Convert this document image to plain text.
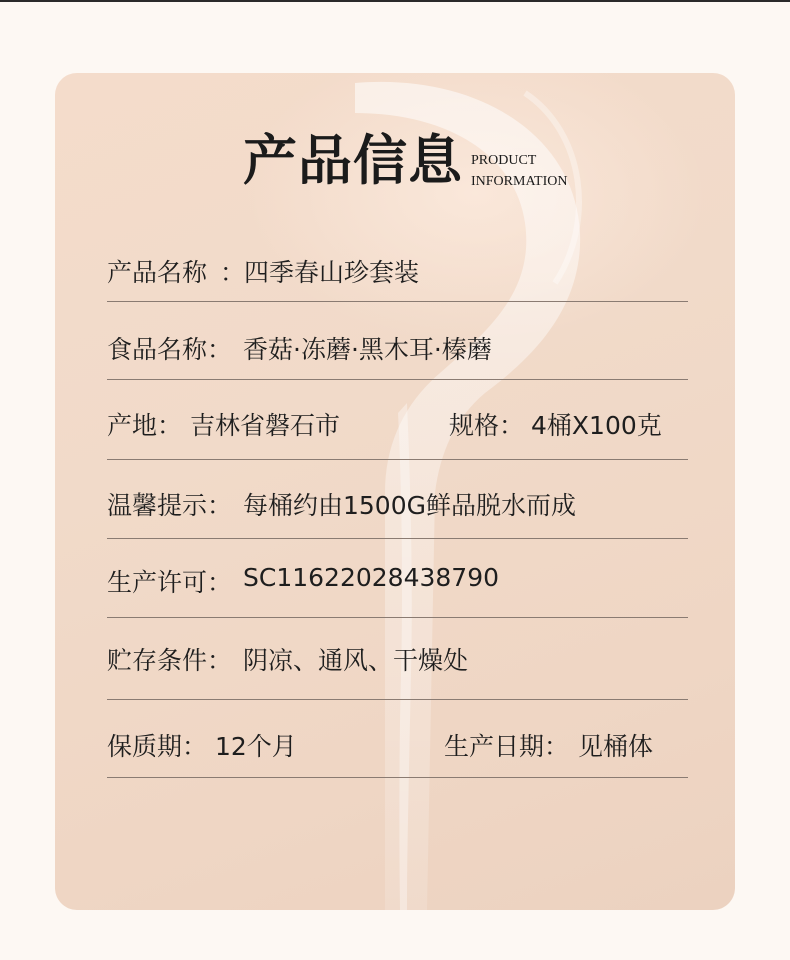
产品信息 PRODUCT
INFORMATION
产品名称 ：
四季春山珍套装
食品名称： 香菇·冻蘑·黑木耳·榛蘑
产地： 吉林省磐石市	规格： 4桶X100克
温馨提示： 每桶约由1500G鲜品脱水而成
生产许可： SC11622028438790
贮存条件： 阴凉、通风、干燥处
保质期： 12个月	生产日期： 见桶体
